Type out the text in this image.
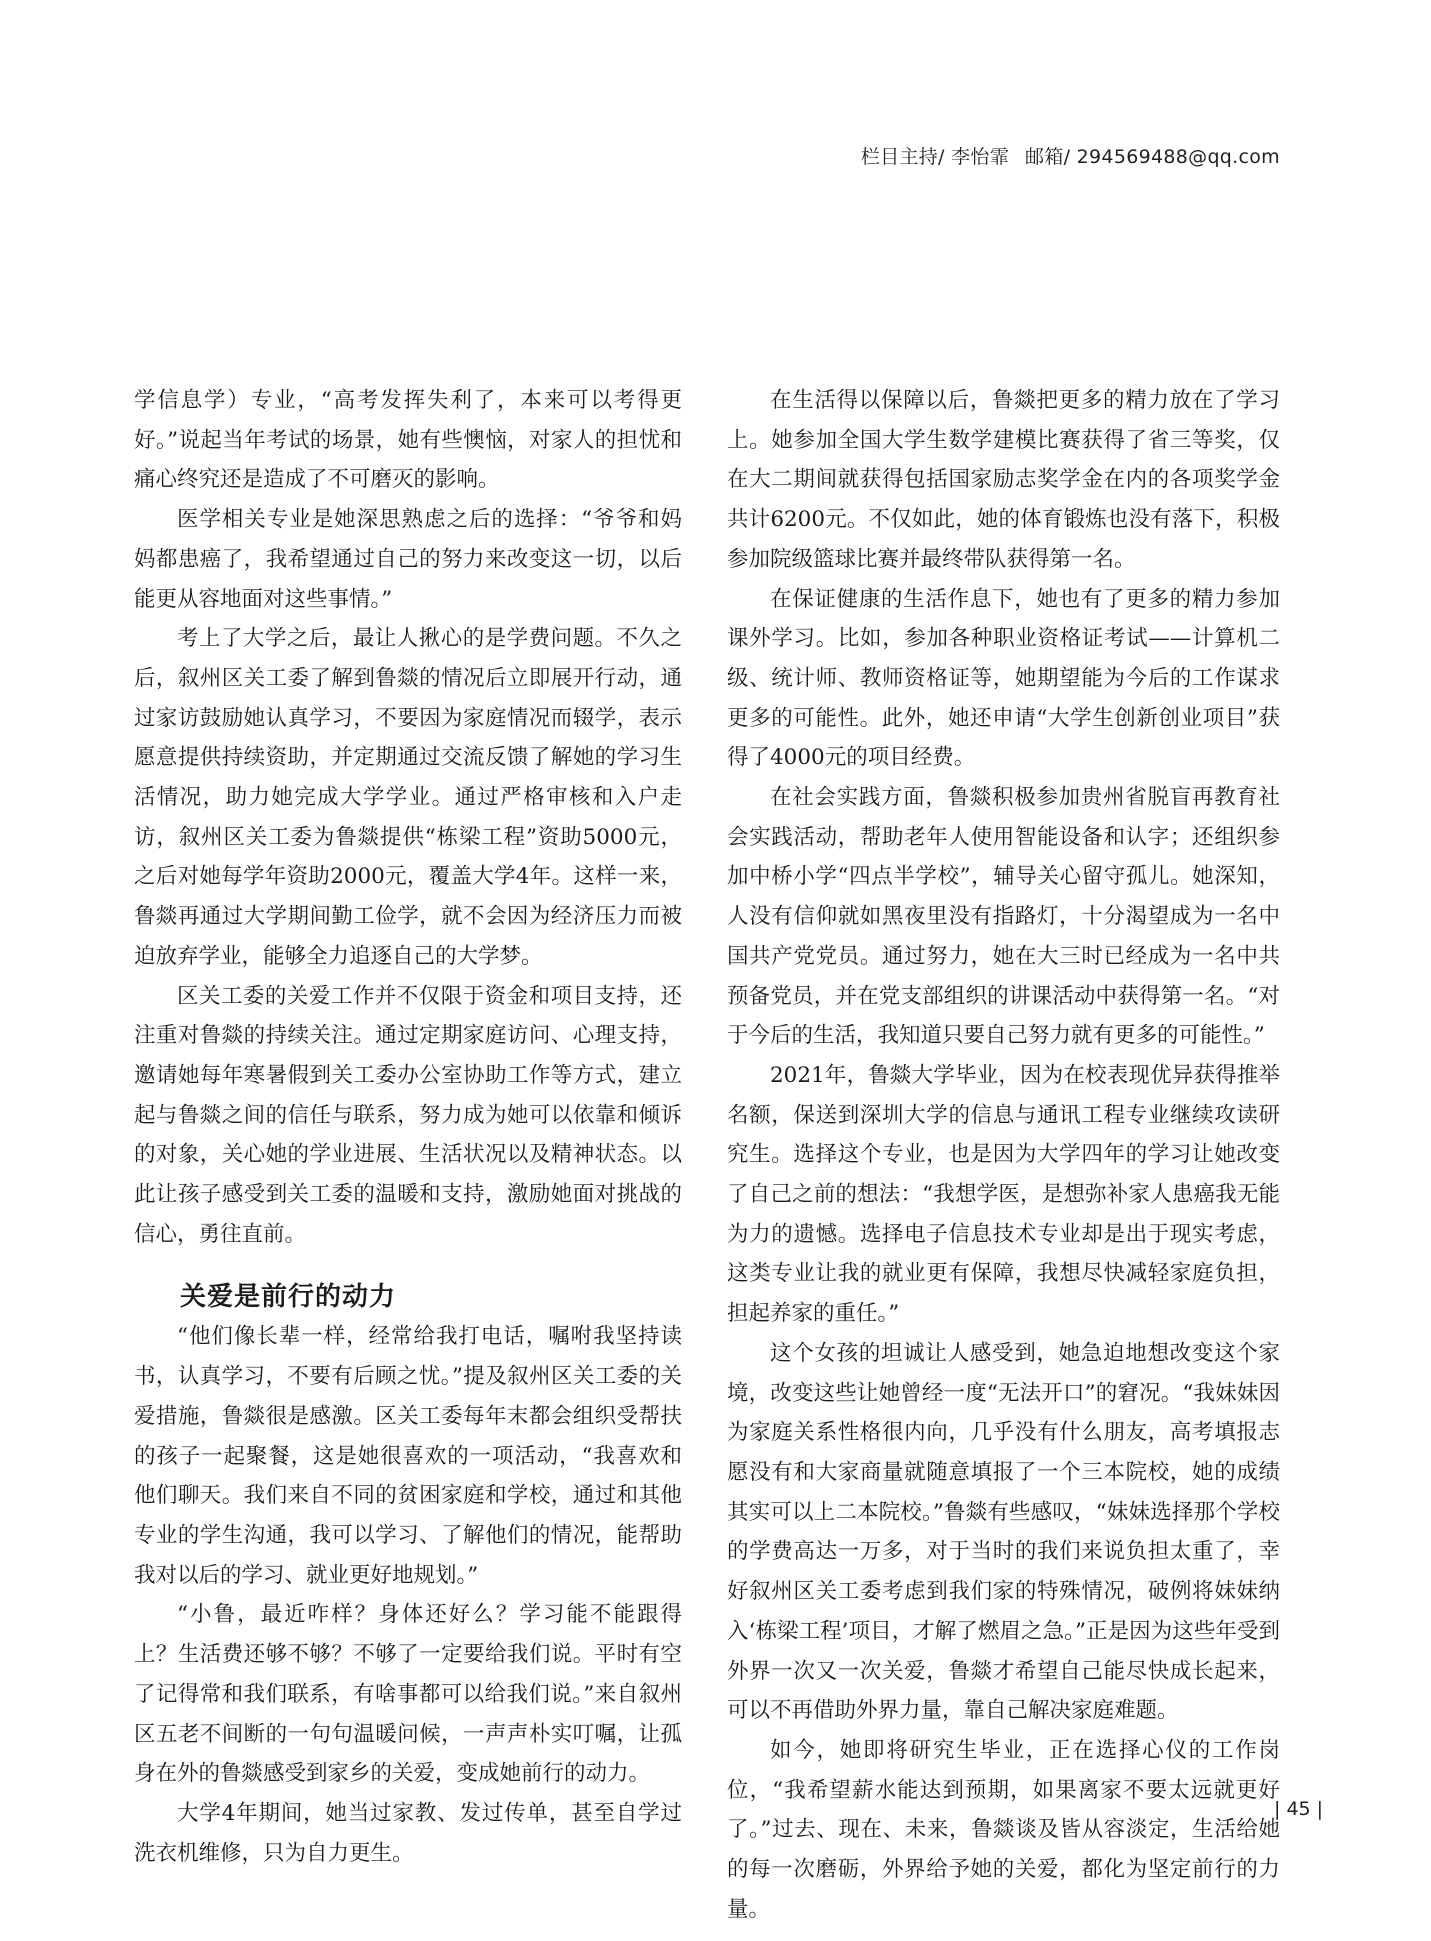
栏目主持/ 李怡霏 邮箱/ 294569488@qq.com

学信息学）专业，“高考发挥失利了，本来可以考得更好。”说起当年考试的场景，她有些懊恼，对家人的担忧和痛心终究还是造成了不可磨灭的影响。

医学相关专业是她深思熟虑之后的选择：“爷爷和妈妈都患癌了，我希望通过自己的努力来改变这一切，以后能更从容地面对这些事情。”

考上了大学之后，最让人揪心的是学费问题。不久之后，叙州区关工委了解到鲁燚的情况后立即展开行动，通过家访鼓励她认真学习，不要因为家庭情况而辍学，表示愿意提供持续资助，并定期通过交流反馈了解她的学习生活情况，助力她完成大学学业。通过严格审核和入户走访，叙州区关工委为鲁燚提供“栋梁工程”资助5000元，之后对她每学年资助2000元，覆盖大学4年。这样一来，鲁燚再通过大学期间勤工俭学，就不会因为经济压力而被迫放弃学业，能够全力追逐自己的大学梦。

区关工委的关爱工作并不仅限于资金和项目支持，还注重对鲁燚的持续关注。通过定期家庭访问、心理支持，邀请她每年寒暑假到关工委办公室协助工作等方式，建立起与鲁燚之间的信任与联系，努力成为她可以依靠和倾诉的对象，关心她的学业进展、生活状况以及精神状态。以此让孩子感受到关工委的温暖和支持，激励她面对挑战的信心，勇往直前。

关爱是前行的动力

“他们像长辈一样，经常给我打电话，嘱咐我坚持读书，认真学习，不要有后顾之忧。”提及叙州区关工委的关爱措施，鲁燚很是感激。区关工委每年末都会组织受帮扶的孩子一起聚餐，这是她很喜欢的一项活动，“我喜欢和他们聊天。我们来自不同的贫困家庭和学校，通过和其他专业的学生沟通，我可以学习、了解他们的情况，能帮助我对以后的学习、就业更好地规划。”

“小鲁，最近咋样？身体还好么？学习能不能跟得上？生活费还够不够？不够了一定要给我们说。平时有空了记得常和我们联系，有啥事都可以给我们说。”来自叙州区五老不间断的一句句温暖问候，一声声朴实叮嘱，让孤身在外的鲁燚感受到家乡的关爱，变成她前行的动力。

大学4年期间，她当过家教、发过传单，甚至自学过洗衣机维修，只为自力更生。

在生活得以保障以后，鲁燚把更多的精力放在了学习上。她参加全国大学生数学建模比赛获得了省三等奖，仅在大二期间就获得包括国家励志奖学金在内的各项奖学金共计6200元。不仅如此，她的体育锻炼也没有落下，积极参加院级篮球比赛并最终带队获得第一名。

在保证健康的生活作息下，她也有了更多的精力参加课外学习。比如，参加各种职业资格证考试——计算机二级、统计师、教师资格证等，她期望能为今后的工作谋求更多的可能性。此外，她还申请“大学生创新创业项目”获得了4000元的项目经费。

在社会实践方面，鲁燚积极参加贵州省脱盲再教育社会实践活动，帮助老年人使用智能设备和认字；还组织参加中桥小学“四点半学校”，辅导关心留守孤儿。她深知，人没有信仰就如黑夜里没有指路灯，十分渴望成为一名中国共产党党员。通过努力，她在大三时已经成为一名中共预备党员，并在党支部组织的讲课活动中获得第一名。“对于今后的生活，我知道只要自己努力就有更多的可能性。”

2021年，鲁燚大学毕业，因为在校表现优异获得推举名额，保送到深圳大学的信息与通讯工程专业继续攻读研究生。选择这个专业，也是因为大学四年的学习让她改变了自己之前的想法：“我想学医，是想弥补家人患癌我无能为力的遗憾。选择电子信息技术专业却是出于现实考虑，这类专业让我的就业更有保障，我想尽快减轻家庭负担，担起养家的重任。”

这个女孩的坦诚让人感受到，她急迫地想改变这个家境，改变这些让她曾经一度“无法开口”的窘况。“我妹妹因为家庭关系性格很内向，几乎没有什么朋友，高考填报志愿没有和大家商量就随意填报了一个三本院校，她的成绩其实可以上二本院校。”鲁燚有些感叹，“妹妹选择那个学校的学费高达一万多，对于当时的我们来说负担太重了，幸好叙州区关工委考虑到我们家的特殊情况，破例将妹妹纳入‘栋梁工程’项目，才解了燃眉之急。”正是因为这些年受到外界一次又一次关爱，鲁燚才希望自己能尽快成长起来，可以不再借助外界力量，靠自己解决家庭难题。

如今，她即将研究生毕业，正在选择心仪的工作岗位，“我希望薪水能达到预期，如果离家不要太远就更好了。”过去、现在、未来，鲁燚谈及皆从容淡定，生活给她的每一次磨砺，外界给予她的关爱，都化为坚定前行的力量。

| 45 |
